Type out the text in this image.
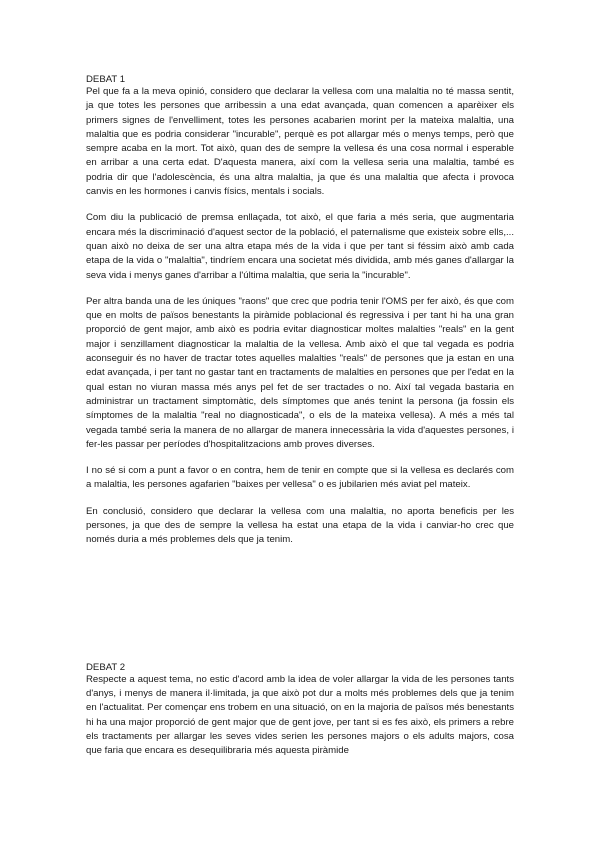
DEBAT 1

Pel que fa a la meva opinió, considero que declarar la vellesa com una malaltia no té massa sentit, ja que totes les persones que arribessin a una edat avançada, quan comencen a aparèixer els primers signes de l'envelliment, totes les persones acabarien morint per la mateixa malaltia, una malaltia que es podria considerar "incurable", perquè es pot allargar més o menys temps, però que sempre acaba en la mort. Tot això, quan des de sempre la vellesa és una cosa normal i esperable en arribar a una certa edat. D'aquesta manera, així com la vellesa seria una malaltia, també es podria dir que l'adolescència, és una altra malaltia, ja que és una malaltia que afecta i provoca canvis en les hormones i canvis físics, mentals i socials.

Com diu la publicació de premsa enllaçada, tot això, el que faria a més seria, que augmentaria encara més la discriminació d'aquest sector de la població, el paternalisme que existeix sobre ells,... quan això no deixa de ser una altra etapa més de la vida i que per tant si féssim això amb cada etapa de la vida o "malaltia", tindríem encara una societat més dividida, amb més ganes d'allargar la seva vida i menys ganes d'arribar a l'última malaltia, que seria la "incurable".

Per altra banda una de les úniques "raons" que crec que podria tenir l'OMS per fer això, és que com que en molts de països benestants la piràmide poblacional és regressiva i per tant hi ha una gran proporció de gent major, amb això es podria evitar diagnosticar moltes malalties "reals" en la gent major i senzillament diagnosticar la malaltia de la vellesa. Amb això el que tal vegada es podria aconseguir és no haver de tractar totes aquelles malalties "reals" de persones que ja estan en una edat avançada, i per tant no gastar tant en tractaments de malalties en persones que per l'edat en la qual estan no viuran massa més anys pel fet de ser tractades o no. Així tal vegada bastaria en administrar un tractament simptomàtic, dels símptomes que anés tenint la persona (ja fossin els símptomes de la malaltia "real no diagnosticada", o els de la mateixa vellesa). A més a més tal vegada també seria la manera de no allargar de manera innecessària la vida d'aquestes persones, i fer-les passar per períodes d'hospitalitzacions amb proves diverses.

I no sé si com a punt a favor o en contra, hem de tenir en compte que si la vellesa es declarés com a malaltia, les persones agafarien "baixes per vellesa" o es jubilarien més aviat pel mateix.

En conclusió, considero que declarar la vellesa com una malaltia, no aporta beneficis per les persones, ja que des de sempre la vellesa ha estat una etapa de la vida i canviar-ho crec que només duria a més problemes dels que ja tenim.

DEBAT 2

Respecte a aquest tema, no estic d'acord amb la idea de voler allargar la vida de les persones tants d'anys, i menys de manera il·limitada, ja que això pot dur a molts més problemes dels que ja tenim en l'actualitat. Per començar ens trobem en una situació, on en la majoria de països més benestants hi ha una major proporció de gent major que de gent jove, per tant si es fes això, els primers a rebre els tractaments per allargar les seves vides serien les persones majors o els adults majors, cosa que faria que encara es desequilibraria més aquesta piràmide
